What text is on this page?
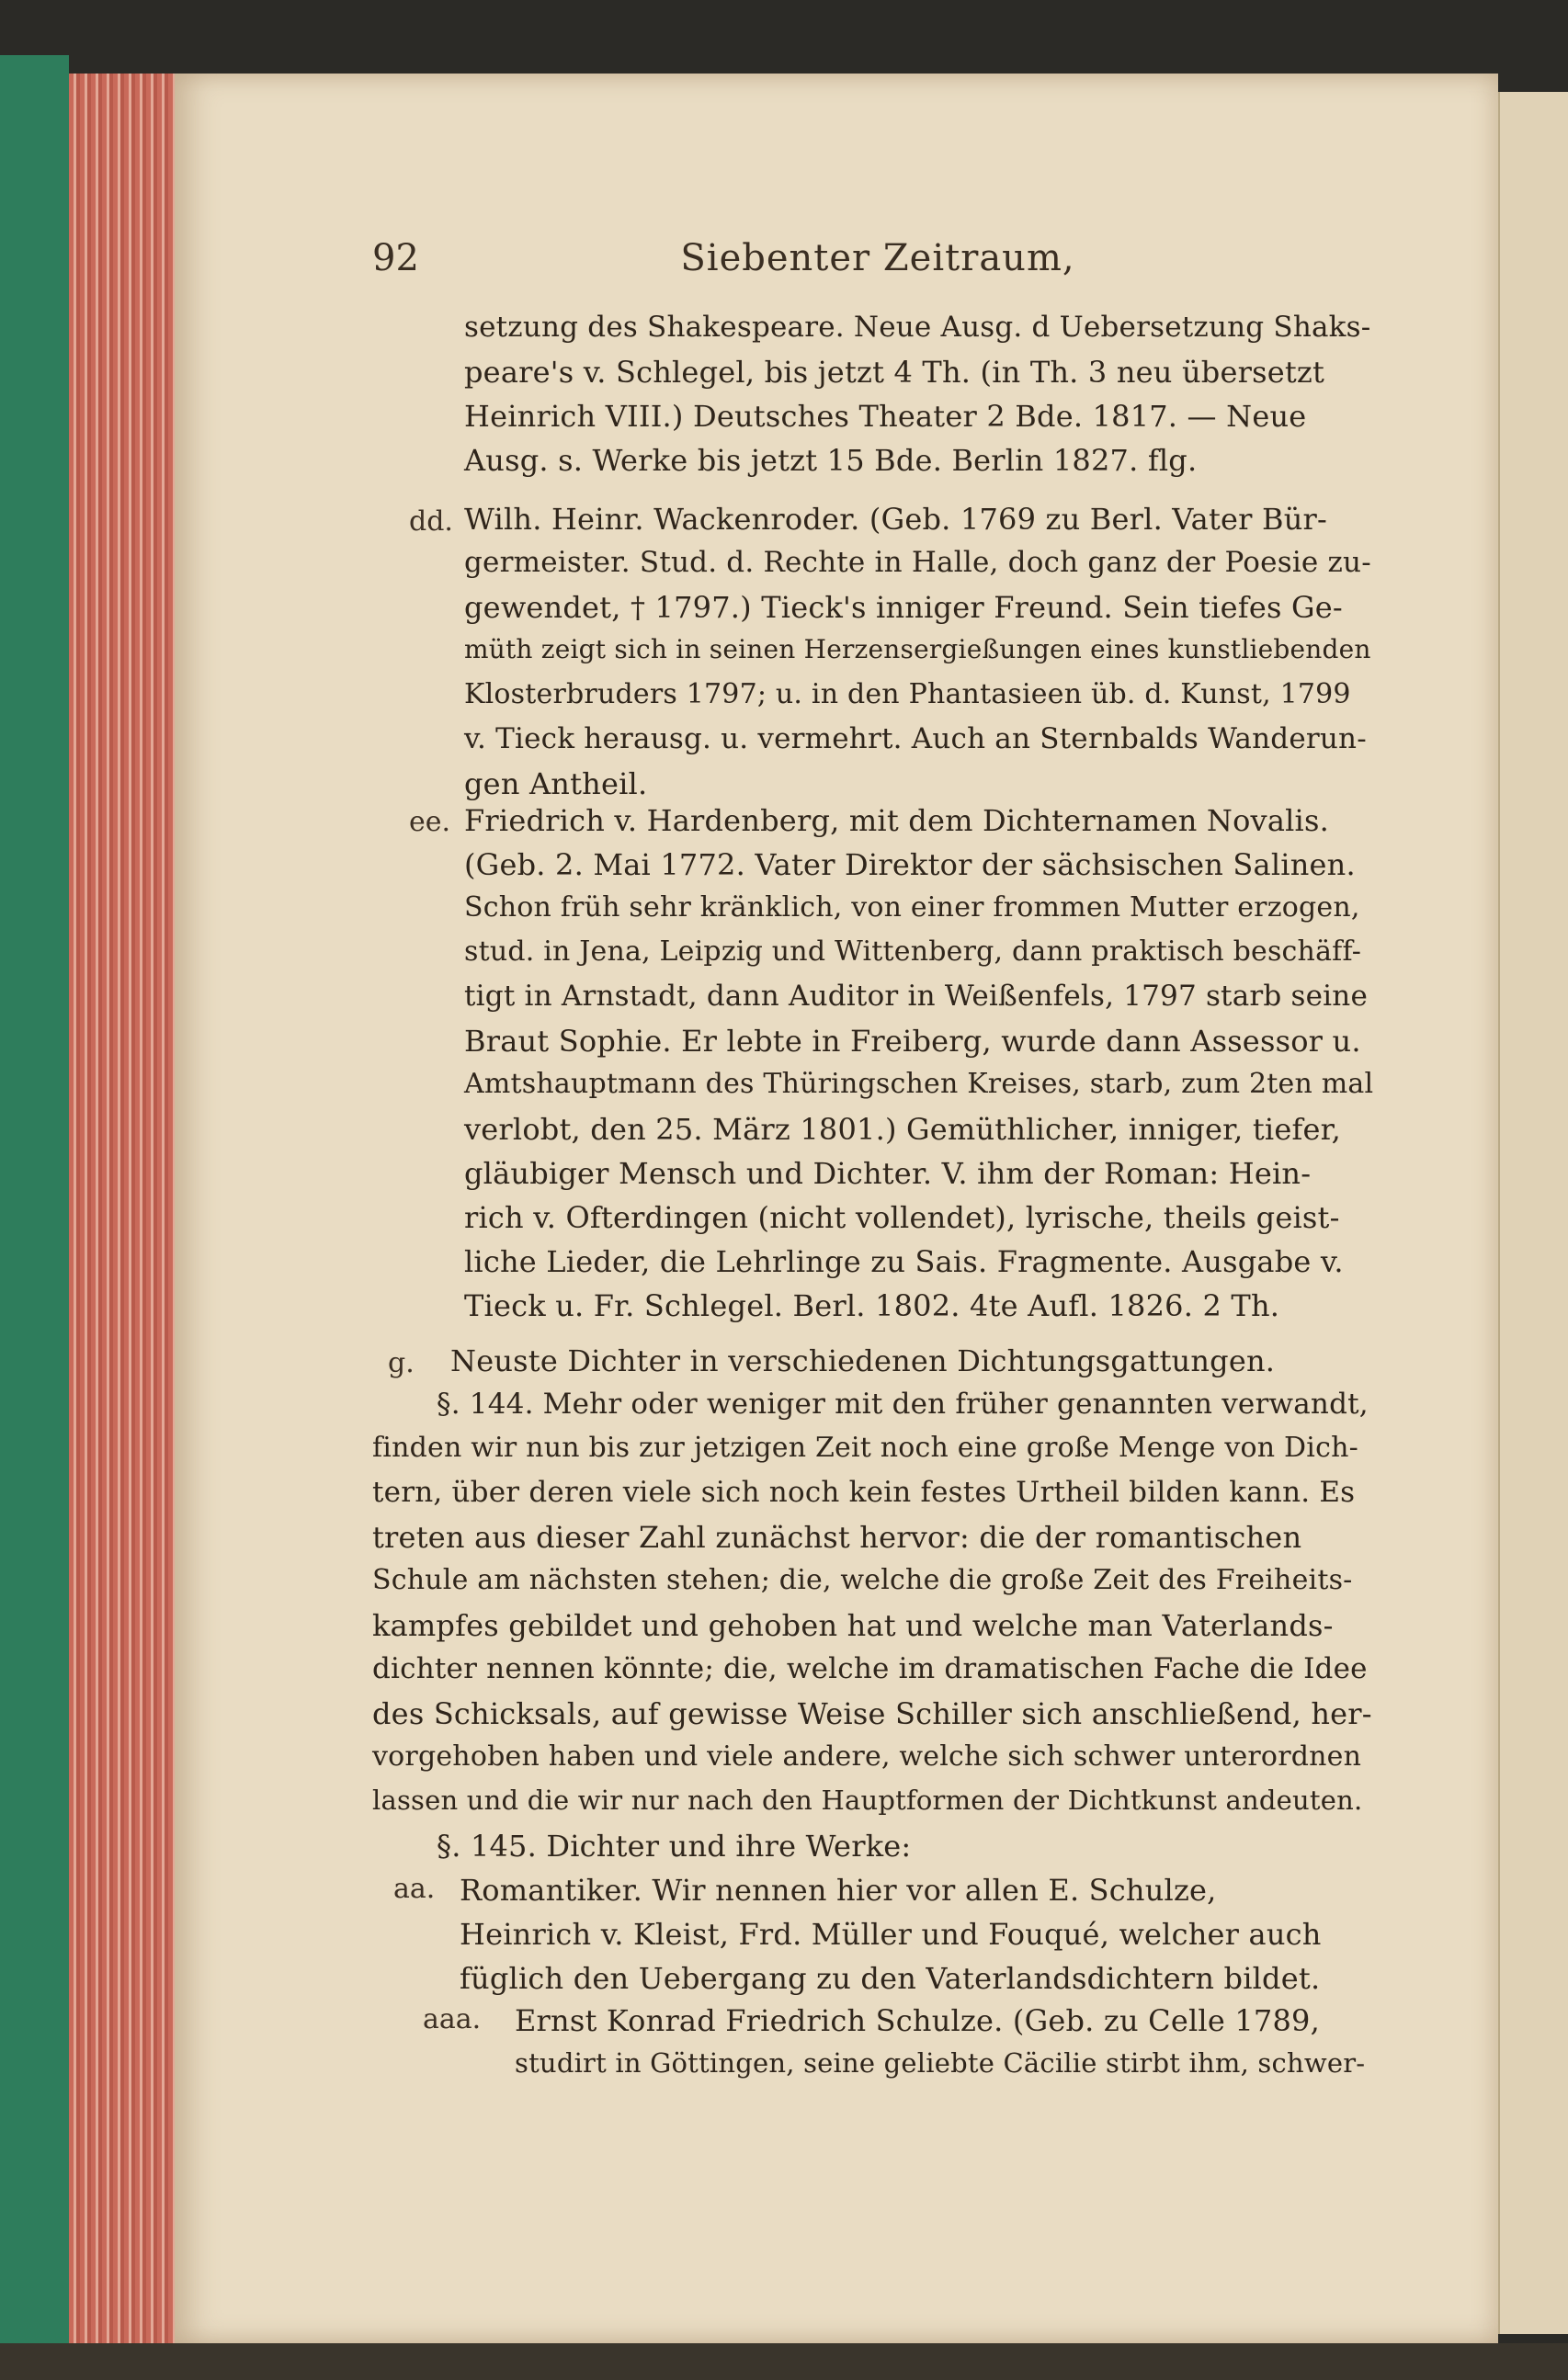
92	Siebenter Zeitraum,
dd.
ee.
g.
aa.
aaa.
setzung des Shakespeare. Neue Ausg. d Uebersetzung Shaks-
peare's v. Schlegel, bis jetzt 4 Th. (in Th. 3 neu übersetzt
Heinrich VIII.) Deutsches Theater 2 Bde. 1817. — Neue
Ausg. s. Werke bis jetzt 15 Bde. Berlin 1827. flg.
Wilh. Heinr. Wackenroder. (Geb. 1769 zu Berl. Vater Bür-
germeister. Stud. d. Rechte in Halle, doch ganz der Poesie zu-
gewendet, † 1797.) Tieck's inniger Freund. Sein tiefes Ge-
müth zeigt sich in seinen Herzensergießungen eines kunstliebenden
Klosterbruders 1797; u. in den Phantasieen üb. d. Kunst, 1799
v. Tieck herausg. u. vermehrt. Auch an Sternbalds Wanderun-
gen Antheil.
Friedrich v. Hardenberg, mit dem Dichternamen Novalis.
(Geb. 2. Mai 1772. Vater Direktor der sächsischen Salinen.
Schon früh sehr kränklich, von einer frommen Mutter erzogen,
stud. in Jena, Leipzig und Wittenberg, dann praktisch beschäff-
tigt in Arnstadt, dann Auditor in Weißenfels, 1797 starb seine
Braut Sophie. Er lebte in Freiberg, wurde dann Assessor u.
Amtshauptmann des Thüringschen Kreises, starb, zum 2ten mal
verlobt, den 25. März 1801.) Gemüthlicher, inniger, tiefer,
gläubiger Mensch und Dichter. V. ihm der Roman: Hein-
rich v. Ofterdingen (nicht vollendet), lyrische, theils geist-
liche Lieder, die Lehrlinge zu Sais. Fragmente. Ausgabe v.
Tieck u. Fr. Schlegel. Berl. 1802. 4te Aufl. 1826. 2 Th.
Neuste Dichter in verschiedenen Dichtungsgattungen.
§. 144. Mehr oder weniger mit den früher genannten verwandt,
finden wir nun bis zur jetzigen Zeit noch eine große Menge von Dich-
tern, über deren viele sich noch kein festes Urtheil bilden kann. Es
treten aus dieser Zahl zunächst hervor: die der romantischen
Schule am nächsten stehen; die, welche die große Zeit des Freiheits-
kampfes gebildet und gehoben hat und welche man Vaterlands-
dichter nennen könnte; die, welche im dramatischen Fache die Idee
des Schicksals, auf gewisse Weise Schiller sich anschließend, her-
vorgehoben haben und viele andere, welche sich schwer unterordnen
lassen und die wir nur nach den Hauptformen der Dichtkunst andeuten.
§. 145. Dichter und ihre Werke:
Romantiker. Wir nennen hier vor allen E. Schulze,
Heinrich v. Kleist, Frd. Müller und Fouqué, welcher auch
füglich den Uebergang zu den Vaterlandsdichtern bildet.
Ernst Konrad Friedrich Schulze. (Geb. zu Celle 1789,
studirt in Göttingen, seine geliebte Cäcilie stirbt ihm, schwer-
